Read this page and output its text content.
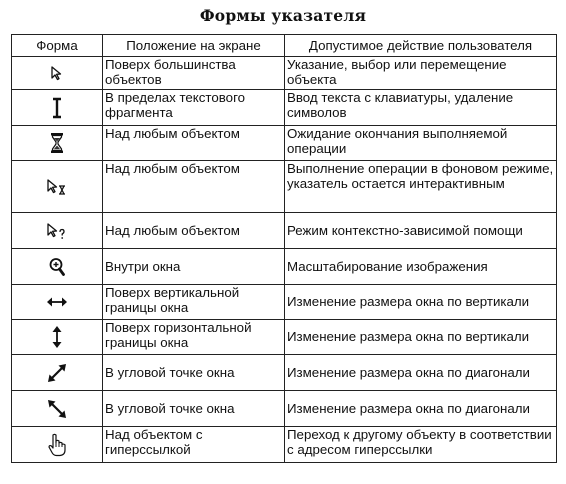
Формы указателя
Форма	Положение на экране	Допустимое действие пользователя
	Поверх большинства объектов	Указание, выбор или перемещение объекта
	В пределах текстового фрагмента	Ввод текста с клавиатуры, удаление символов
	Над любым объектом	Ожидание окончания выполняемой операции
	Над любым объектом	Выполнение операции в фоновом режиме, указатель остается интерактивным
	Над любым объектом	Режим контекстно-зависимой помощи
	Внутри окна	Масштабирование изображения
	Поверх вертикальной границы окна	Изменение размера окна по вертикали
	Поверх горизонтальной границы окна	Изменение размера окна по вертикали
	В угловой точке окна	Изменение размера окна по диагонали
	В угловой точке окна	Изменение размера окна по диагонали
	Над объектом с гиперссылкой	Переход к другому объекту в соответствии с адресом гиперссылки
